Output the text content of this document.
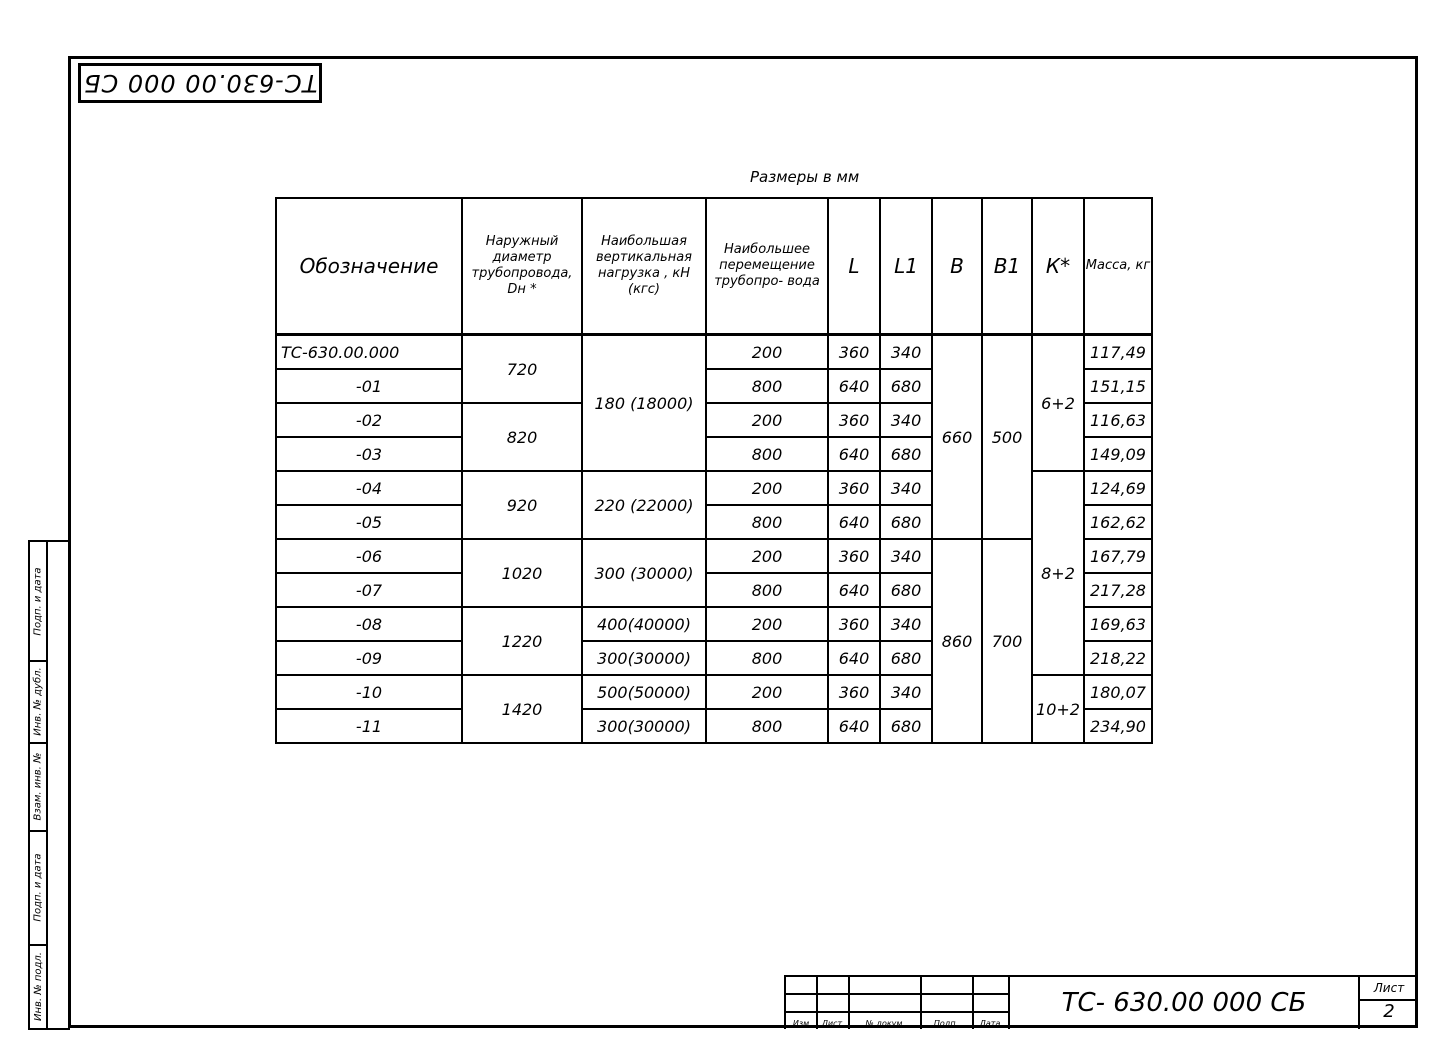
ТС-630.00 000 СБ
Размеры в мм
Обозначение	Наружный диаметр трубопровода, Dн *	Наибольшая вертикальная нагрузка , кН (кгс)	Наибольшее перемещение трубопро- вода	L	L1	B	B1	К*	Масса, кг
ТС-630.00.000	720	180 (18000)	200	360	340	660	500	6+2	117,49
-01			800	640	680				151,15
-02	820		200	360	340				116,63
-03			800	640	680				149,09
-04	920	220 (22000)	200	360	340			8+2	124,69
-05			800	640	680				162,62
-06	1020	300 (30000)	200	360	340	860	700		167,79
-07			800	640	680				217,28
-08	1220	400(40000)	200	360	340				169,63
-09		300(30000)	800	640	680				218,22
-10	1420	500(50000)	200	360	340			10+2	180,07
-11		300(30000)	800	640	680				234,90
Подп. и дата
Инв. № дубл.
Взам. инв. №
Подп. и дата
Инв. № подл.
Изм	Лист	№ докум	Подп.	Дата
ТС- 630.00 000 СБ	Лист
2
